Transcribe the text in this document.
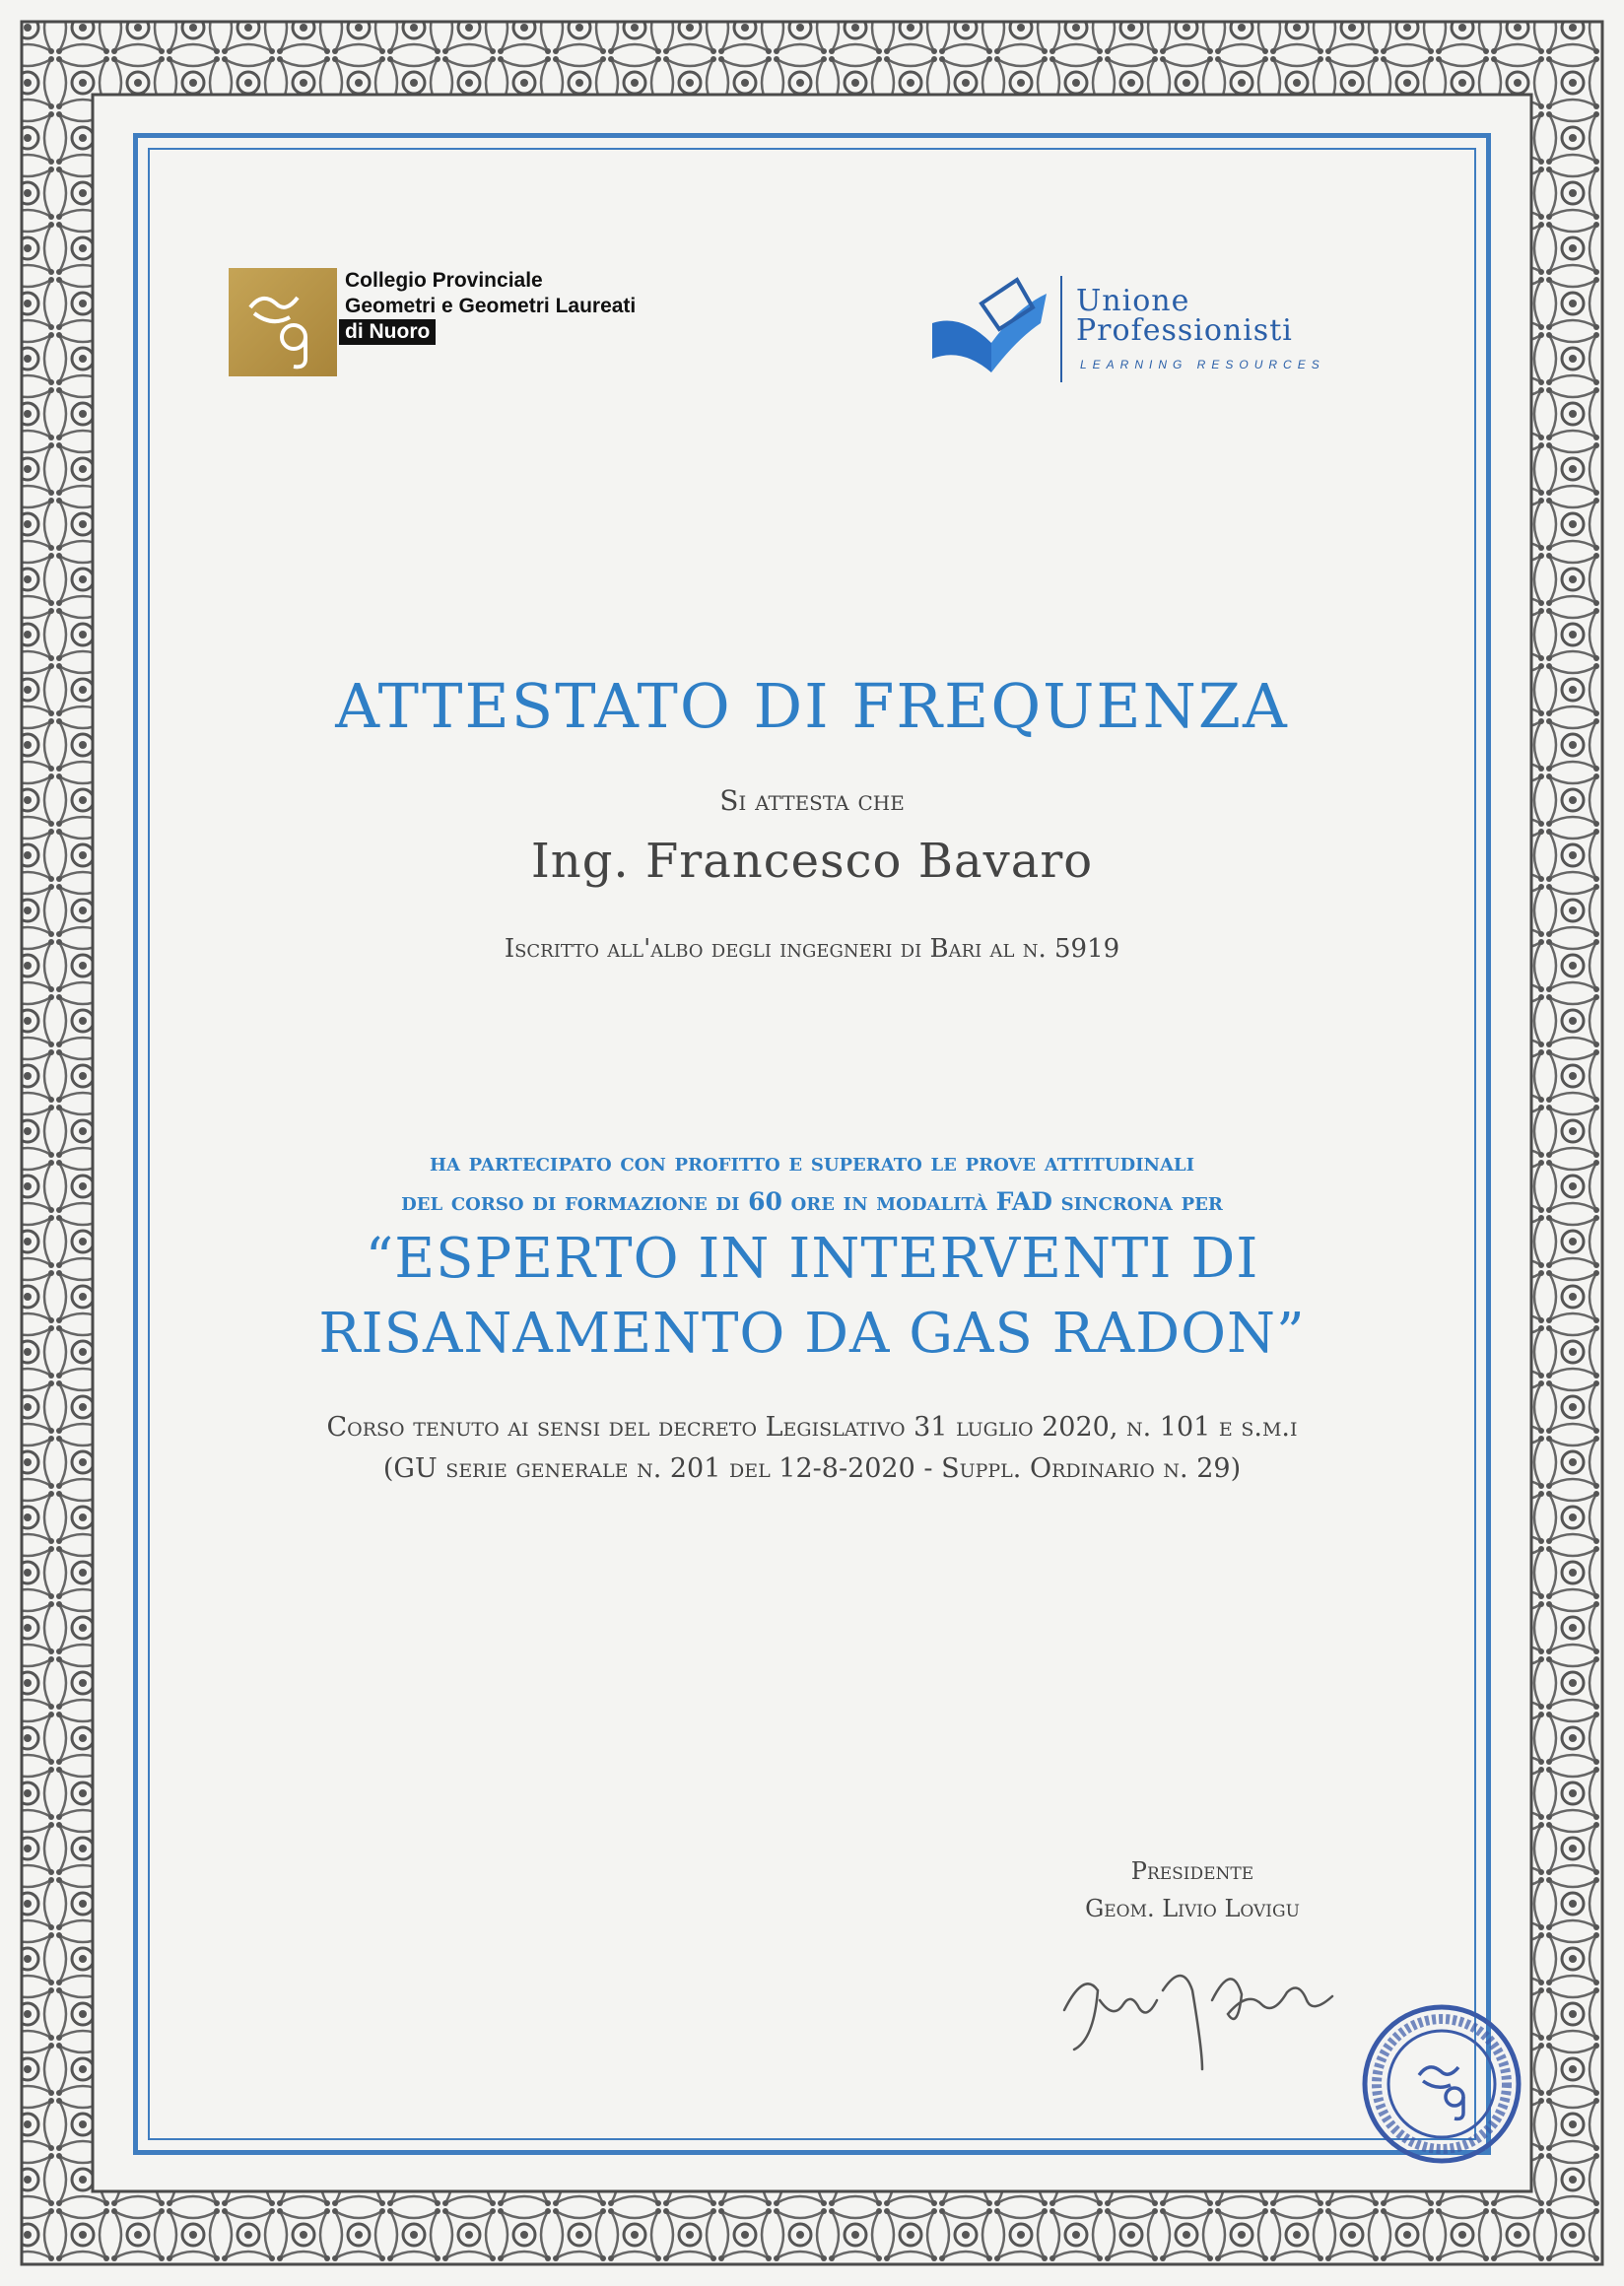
Collegio Provinciale
Geometri e Geometri Laureati
di Nuoro
Unione
Professionisti
LEARNING RESOURCES
ATTESTATO DI FREQUENZA
Si attesta che
Ing. Francesco Bavaro
Iscritto all'albo degli ingegneri di Bari al n. 5919
ha partecipato con profitto e superato le prove attitudinali
del corso di formazione di 60 ore in modalità FAD sincrona per
“ESPERTO IN INTERVENTI DI
RISANAMENTO DA GAS RADON”
Corso tenuto ai sensi del decreto Legislativo 31 luglio 2020, n. 101 e s.m.i
(GU serie generale n. 201 del 12-8-2020 - Suppl. Ordinario n. 29)
Presidente
Geom. Livio Lovigu
